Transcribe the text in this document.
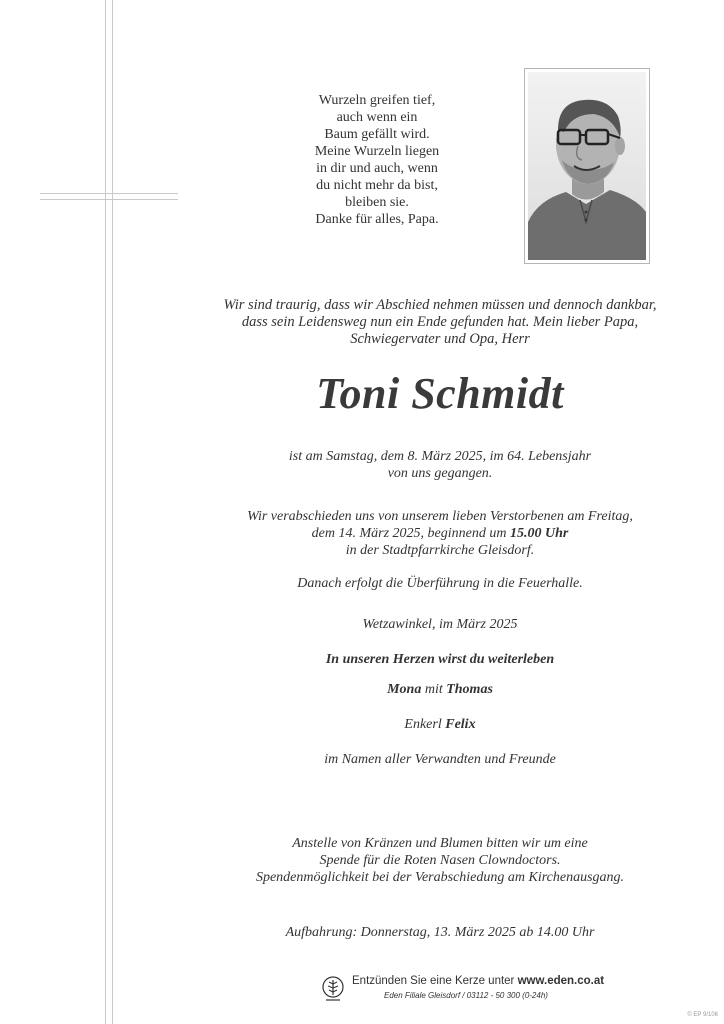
Wurzeln greifen tief,
auch wenn ein
Baum gefällt wird.
Meine Wurzeln liegen
in dir und auch, wenn
du nicht mehr da bist,
bleiben sie.
Danke für alles, Papa.
Wir sind traurig, dass wir Abschied nehmen müssen und dennoch dankbar,
dass sein Leidensweg nun ein Ende gefunden hat. Mein lieber Papa,
Schwiegervater und Opa, Herr
Toni Schmidt
ist am Samstag, dem 8. März 2025, im 64. Lebensjahr
von uns gegangen.
Wir verabschieden uns von unserem lieben Verstorbenen am Freitag,
dem 14. März 2025, beginnend um 15.00 Uhr
in der Stadtpfarrkirche Gleisdorf.
Danach erfolgt die Überführung in die Feuerhalle.
Wetzawinkel, im März 2025
In unseren Herzen wirst du weiterleben
Mona mit Thomas
Enkerl Felix
im Namen aller Verwandten und Freunde
Anstelle von Kränzen und Blumen bitten wir um eine
Spende für die Roten Nasen Clowndoctors.
Spendenmöglichkeit bei der Verabschiedung am Kirchenausgang.
Aufbahrung: Donnerstag, 13. März 2025 ab 14.00 Uhr
Entzünden Sie eine Kerze unter www.eden.co.at
Eden Filiale Gleisdorf / 03112 - 50 300 (0-24h)
© EP 9/106
